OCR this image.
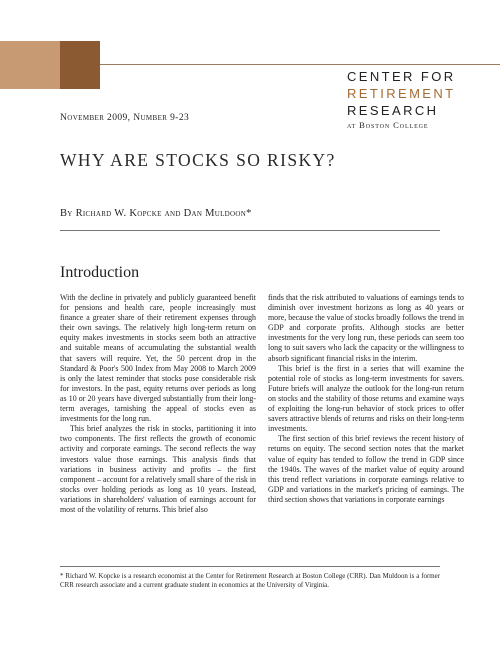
CENTER FOR
RETIREMENT
RESEARCH
at Boston College
November 2009, Number 9-23
WHY ARE STOCKS SO RISKY?
By Richard W. Kopcke and Dan Muldoon*
Introduction

With the decline in privately and publicly guaranteed benefit for pensions and health care, people increasingly must finance a greater share of their retirement expenses through their own savings. The relatively high long-term return on equity makes investments in stocks seem both an attractive and suitable means of accumulating the substantial wealth that savers will require. Yet, the 50 percent drop in the Standard & Poor's 500 Index from May 2008 to March 2009 is only the latest reminder that stocks pose considerable risk for investors. In the past, equity returns over periods as long as 10 or 20 years have diverged substantially from their long-term averages, tarnishing the appeal of stocks even as investments for the long run.

This brief analyzes the risk in stocks, partitioning it into two components. The first reflects the growth of economic activity and corporate earnings. The second reflects the way investors value those earnings. This analysis finds that variations in business activity and profits – the first component – account for a relatively small share of the risk in stocks over holding periods as long as 10 years. Instead, variations in shareholders' valuation of earnings account for most of the volatility of returns. This brief also

finds that the risk attributed to valuations of earnings tends to diminish over investment horizons as long as 40 years or more, because the value of stocks broadly follows the trend in GDP and corporate profits. Although stocks are better investments for the very long run, these periods can seem too long to suit savers who lack the capacity or the willingness to absorb significant financial risks in the interim.

This brief is the first in a series that will examine the potential role of stocks as long-term investments for savers. Future briefs will analyze the outlook for the long-run return on stocks and the stability of those returns and examine ways of exploiting the long-run behavior of stock prices to offer savers attractive blends of returns and risks on their long-term investments.

The first section of this brief reviews the recent history of returns on equity. The second section notes that the market value of equity has tended to follow the trend in GDP since the 1940s. The waves of the market value of equity around this trend reflect variations in corporate earnings relative to GDP and variations in the market's pricing of earnings. The third section shows that variations in corporate earnings

* Richard W. Kopcke is a research economist at the Center for Retirement Research at Boston College (CRR). Dan Muldoon is a former CRR research associate and a current graduate student in economics at the University of Virginia.
